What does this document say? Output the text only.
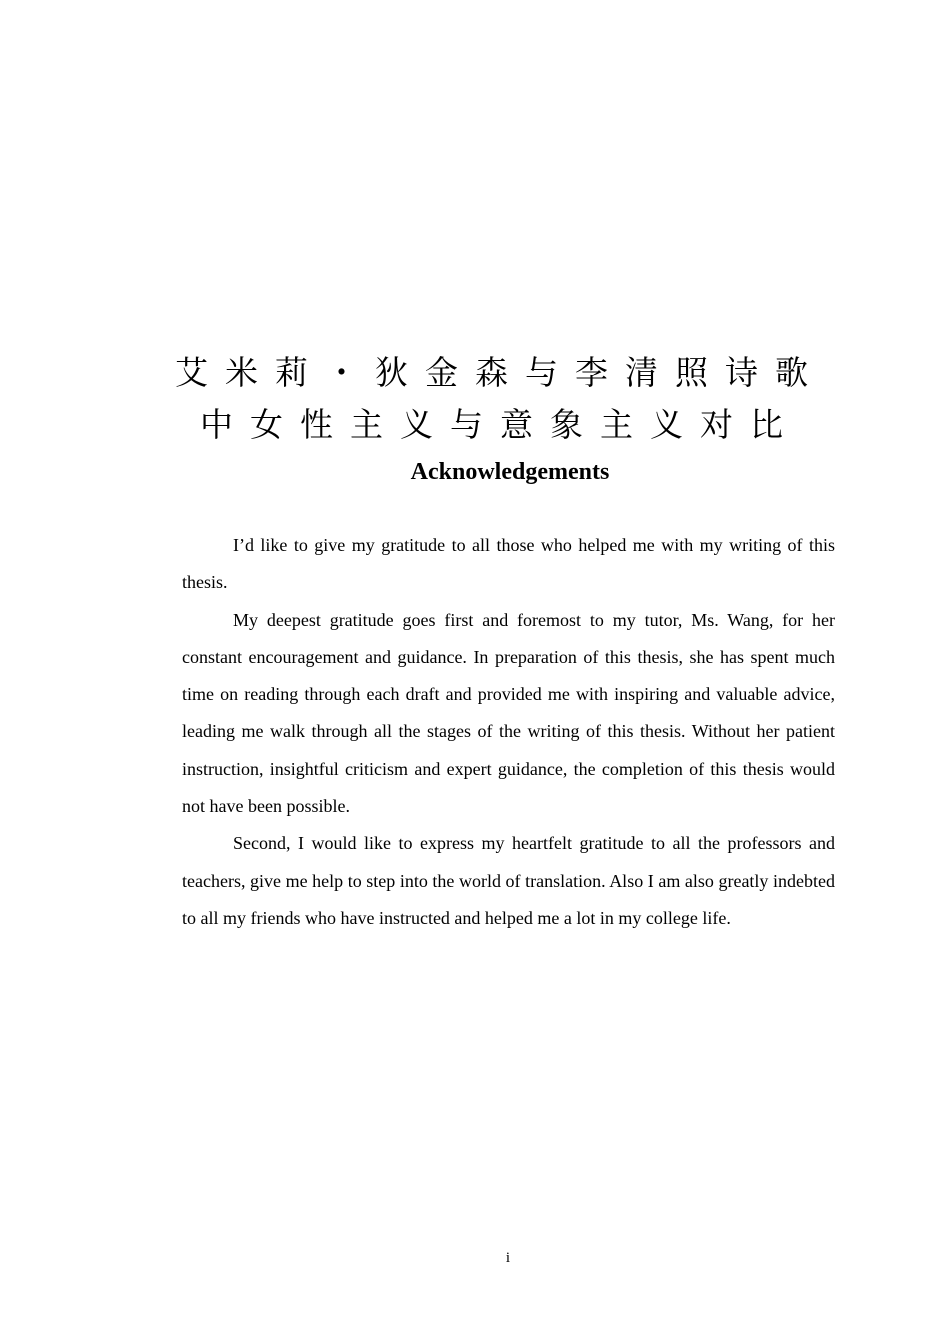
艾米莉・狄金森与李清照诗歌
中女性主义与意象主义对比
Acknowledgements

I’d like to give my gratitude to all those who helped me with my writing of this thesis.

My deepest gratitude goes first and foremost to my tutor, Ms. Wang, for her constant encouragement and guidance. In preparation of this thesis, she has spent much time on reading through each draft and provided me with inspiring and valuable advice, leading me walk through all the stages of the writing of this thesis. Without her patient instruction, insightful criticism and expert guidance, the completion of this thesis would not have been possible.

Second, I would like to express my heartfelt gratitude to all the professors and teachers, give me help to step into the world of translation. Also I am also greatly indebted to all my friends who have instructed and helped me a lot in my college life.

i
